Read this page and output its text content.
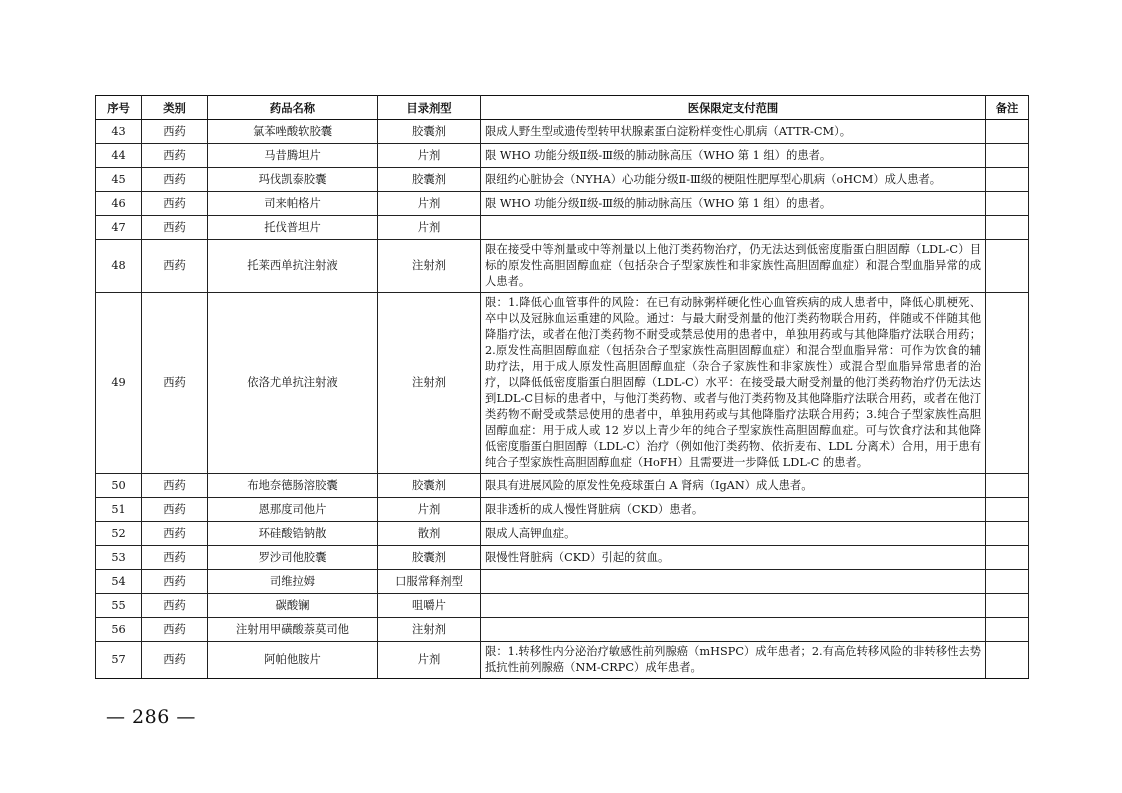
序号	类别	药品名称	目录剂型	医保限定支付范围	备注
43	西药	氯苯唑酸软胶囊	胶囊剂	限成人野生型或遗传型转甲状腺素蛋白淀粉样变性心肌病（ATTR-CM）。	
44	西药	马昔腾坦片	片剂	限 WHO 功能分级Ⅱ级-Ⅲ级的肺动脉高压（WHO 第 1 组）的患者。	
45	西药	玛伐凯泰胶囊	胶囊剂	限纽约心脏协会（NYHA）心功能分级Ⅱ-Ⅲ级的梗阻性肥厚型心肌病（oHCM）成人患者。	
46	西药	司来帕格片	片剂	限 WHO 功能分级Ⅱ级-Ⅲ级的肺动脉高压（WHO 第 1 组）的患者。	
47	西药	托伐普坦片	片剂		
48	西药	托莱西单抗注射液	注射剂	限在接受中等剂量或中等剂量以上他汀类药物治疗，仍无法达到低密度脂蛋白胆固醇（LDL-C）目标的原发性高胆固醇血症（包括杂合子型家族性和非家族性高胆固醇血症）和混合型血脂异常的成人患者。	
49	西药	依洛尤单抗注射液	注射剂	限：1.降低心血管事件的风险：在已有动脉粥样硬化性心血管疾病的成人患者中，降低心肌梗死、卒中以及冠脉血运重建的风险。通过：与最大耐受剂量的他汀类药物联合用药，伴随或不伴随其他降脂疗法，或者在他汀类药物不耐受或禁忌使用的患者中，单独用药或与其他降脂疗法联合用药；2.原发性高胆固醇血症（包括杂合子型家族性高胆固醇血症）和混合型血脂异常：可作为饮食的辅助疗法，用于成人原发性高胆固醇血症（杂合子家族性和非家族性）或混合型血脂异常患者的治疗，以降低低密度脂蛋白胆固醇（LDL-C）水平：在接受最大耐受剂量的他汀类药物治疗仍无法达到LDL-C目标的患者中，与他汀类药物、或者与他汀类药物及其他降脂疗法联合用药，或者在他汀类药物不耐受或禁忌使用的患者中，单独用药或与其他降脂疗法联合用药；3.纯合子型家族性高胆固醇血症：用于成人或 12 岁以上青少年的纯合子型家族性高胆固醇血症。可与饮食疗法和其他降低密度脂蛋白胆固醇（LDL-C）治疗（例如他汀类药物、依折麦布、LDL 分离术）合用，用于患有纯合子型家族性高胆固醇血症（HoFH）且需要进一步降低 LDL-C 的患者。	
50	西药	布地奈德肠溶胶囊	胶囊剂	限具有进展风险的原发性免疫球蛋白 A 肾病（IgAN）成人患者。	
51	西药	恩那度司他片	片剂	限非透析的成人慢性肾脏病（CKD）患者。	
52	西药	环硅酸锆钠散	散剂	限成人高钾血症。	
53	西药	罗沙司他胶囊	胶囊剂	限慢性肾脏病（CKD）引起的贫血。	
54	西药	司维拉姆	口服常释剂型		
55	西药	碳酸镧	咀嚼片		
56	西药	注射用甲磺酸萘莫司他	注射剂		
57	西药	阿帕他胺片	片剂	限：1.转移性内分泌治疗敏感性前列腺癌（mHSPC）成年患者；2.有高危转移风险的非转移性去势抵抗性前列腺癌（NM-CRPC）成年患者。	
— 286 —
